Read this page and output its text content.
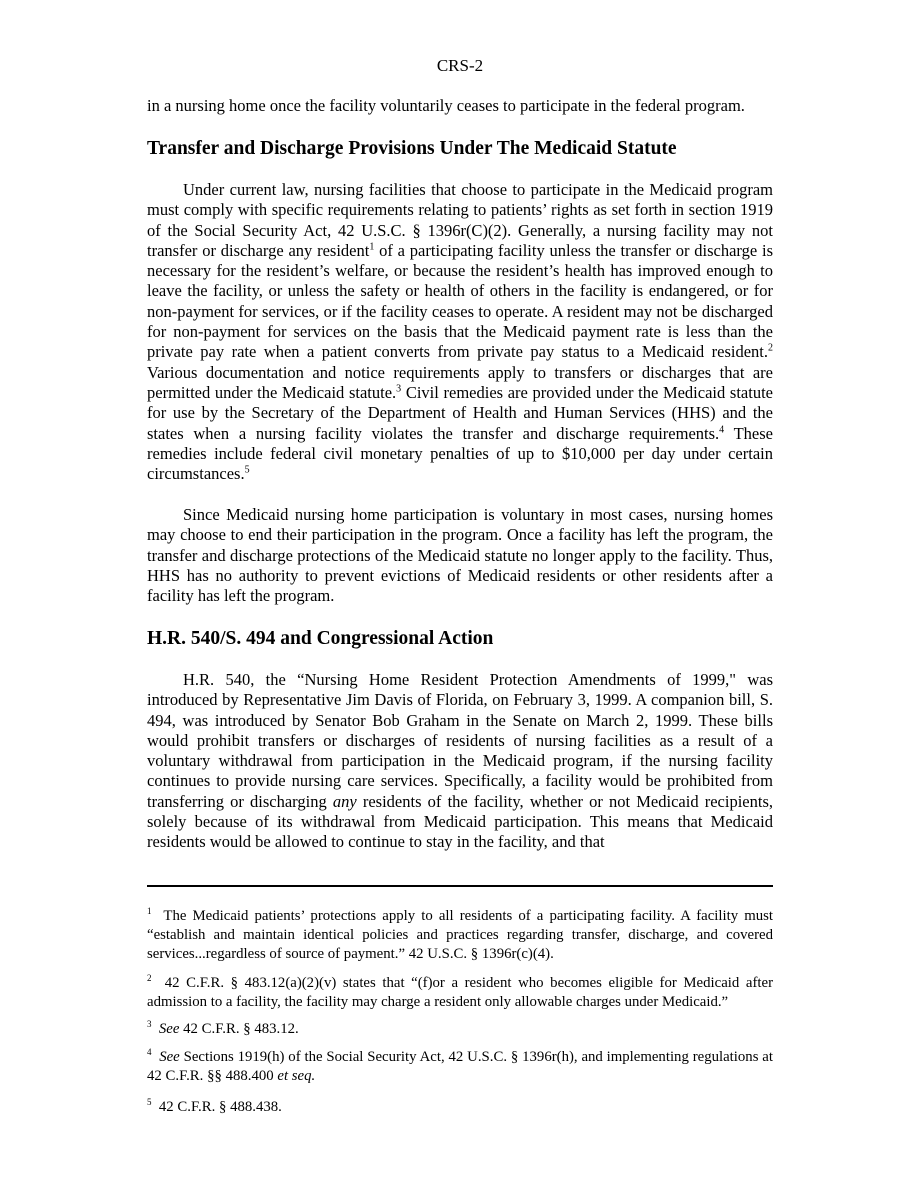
CRS-2

in a nursing home once the facility voluntarily ceases to participate in the federal program.

Transfer and Discharge Provisions Under The Medicaid Statute

Under current law, nursing facilities that choose to participate in the Medicaid program must comply with specific requirements relating to patients’ rights as set forth in section 1919 of the Social Security Act, 42 U.S.C. § 1396r(C)(2). Generally, a nursing facility may not transfer or discharge any resident$^1$ of a participating facility unless the transfer or discharge is necessary for the resident’s welfare, or because the resident’s health has improved enough to leave the facility, or unless the safety or health of others in the facility is endangered, or for non-payment for services, or if the facility ceases to operate. A resident may not be discharged for non-payment for services on the basis that the Medicaid payment rate is less than the private pay rate when a patient converts from private pay status to a Medicaid resident.$^2$ Various documentation and notice requirements apply to transfers or discharges that are permitted under the Medicaid statute.$^3$ Civil remedies are provided under the Medicaid statute for use by the Secretary of the Department of Health and Human Services (HHS) and the states when a nursing facility violates the transfer and discharge requirements.$^4$ These remedies include federal civil monetary penalties of up to $10,000 per day under certain circumstances.$^5$

Since Medicaid nursing home participation is voluntary in most cases, nursing homes may choose to end their participation in the program. Once a facility has left the program, the transfer and discharge protections of the Medicaid statute no longer apply to the facility. Thus, HHS has no authority to prevent evictions of Medicaid residents or other residents after a facility has left the program.

H.R. 540/S. 494 and Congressional Action

H.R. 540, the “Nursing Home Resident Protection Amendments of 1999," was introduced by Representative Jim Davis of Florida, on February 3, 1999. A companion bill, S. 494, was introduced by Senator Bob Graham in the Senate on March 2, 1999. These bills would prohibit transfers or discharges of residents of nursing facilities as a result of a voluntary withdrawal from participation in the Medicaid program, if the nursing facility continues to provide nursing care services. Specifically, a facility would be prohibited from transferring or discharging any residents of the facility, whether or not Medicaid recipients, solely because of its withdrawal from Medicaid participation. This means that Medicaid residents would be allowed to continue to stay in the facility, and that

$^1$ The Medicaid patients’ protections apply to all residents of a participating facility. A facility must “establish and maintain identical policies and practices regarding transfer, discharge, and covered services...regardless of source of payment.” 42 U.S.C. § 1396r(c)(4).

$^2$ 42 C.F.R. § 483.12(a)(2)(v) states that “(f)or a resident who becomes eligible for Medicaid after admission to a facility, the facility may charge a resident only allowable charges under Medicaid.”

$^3$ See 42 C.F.R. § 483.12.

$^4$ See Sections 1919(h) of the Social Security Act, 42 U.S.C. § 1396r(h), and implementing regulations at 42 C.F.R. §§ 488.400 et seq.

$^5$ 42 C.F.R. § 488.438.
